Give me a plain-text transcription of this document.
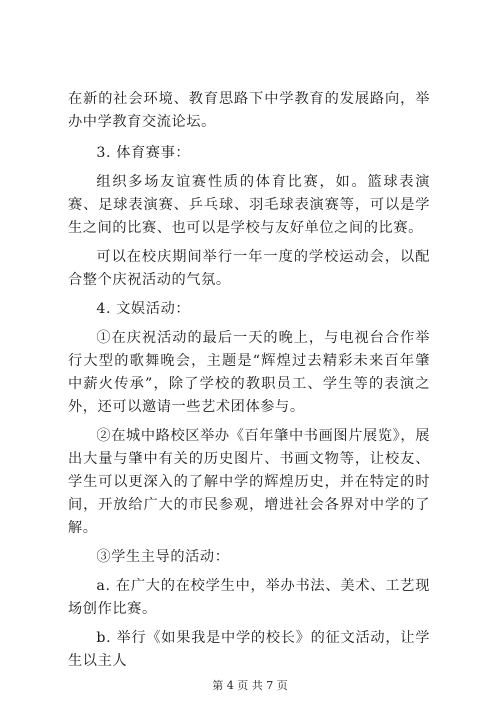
在新的社会环境、教育思路下中学教育的发展路向，举办中学教育交流论坛。

3. 体育赛事：

组织多场友谊赛性质的体育比赛，如。篮球表演赛、足球表演赛、乒乓球、羽毛球表演赛等，可以是学生之间的比赛、也可以是学校与友好单位之间的比赛。

可以在校庆期间举行一年一度的学校运动会，以配合整个庆祝活动的气氛。

4. 文娱活动：

①在庆祝活动的最后一天的晚上，与电视台合作举行大型的歌舞晚会，主题是“辉煌过去精彩未来百年肇中薪火传承”，除了学校的教职员工、学生等的表演之外，还可以邀请一些艺术团体参与。

②在城中路校区举办《百年肇中书画图片展览》，展出大量与肇中有关的历史图片、书画文物等，让校友、学生可以更深入的了解中学的辉煌历史，并在特定的时间，开放给广大的市民参观，增进社会各界对中学的了解。

③学生主导的活动：

a. 在广大的在校学生中，举办书法、美术、工艺现场创作比赛。

b. 举行《如果我是中学的校长》的征文活动，让学生以主人

第 4 页 共 7 页
